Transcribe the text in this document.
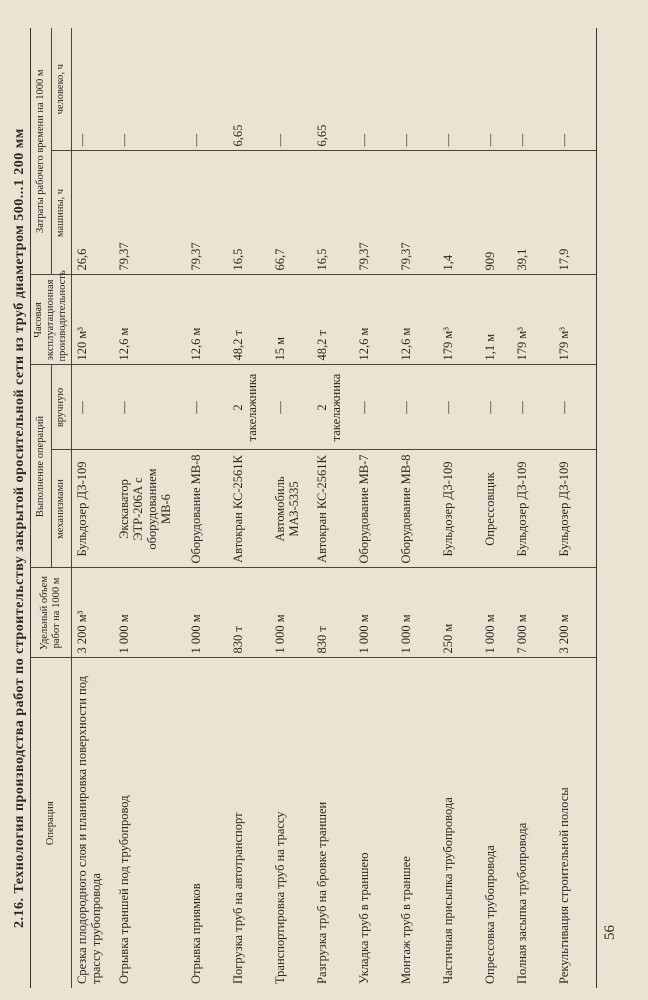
56
2.16. Технология производства работ по строительству закрытой оросительной сети из труб диаметром 500...1 200 мм Операция	Удельный объем работ на 1000 м	Выполнение операций		Часовая эксплуатационная производительность	Затраты рабочего времени на 1000 м	
		механизмами	вручную		машины, ч	человеко, ч
Срезка плодородного слоя и планировка поверхности под трассу трубопровода	3 200 м³	Бульдозер ДЗ-109	—	120 м³	26,6	—
Отрывка траншей под трубопровод	1 000 м	Экскаватор ЭТР-206А с оборудованием МВ-6	—	12,6 м	79,37	—
Отрывка приямков	1 000 м	Оборудование МВ-8	—	12,6 м	79,37	—
Погрузка труб на автотранспорт	830 т	Автокран КС-2561К	2 такелажника	48,2 т	16,5	6,65
Транспортировка труб на трассу	1 000 м	Автомобиль МАЗ-5335	—	15 м	66,7	—
Разгрузка труб на бровке траншеи	830 т	Автокран КС-2561К	2 такелажника	48,2 т	16,5	6,65
Укладка труб в траншею	1 000 м	Оборудование МВ-7	—	12,6 м	79,37	—
Монтаж труб в траншее	1 000 м	Оборудование МВ-8	—	12,6 м	79,37	—
Частичная присыпка трубопровода	250 м	Бульдозер ДЗ-109	—	179 м³	1,4	—
Опрессовка трубопровода	1 000 м	Опрессовщик	—	1,1 м	909	—
Полная засыпка трубопровода	7 000 м	Бульдозер ДЗ-109	—	179 м³	39,1	—
Рекультивация строительной полосы	3 200 м	Бульдозер ДЗ-109	—	179 м³	17,9	—
